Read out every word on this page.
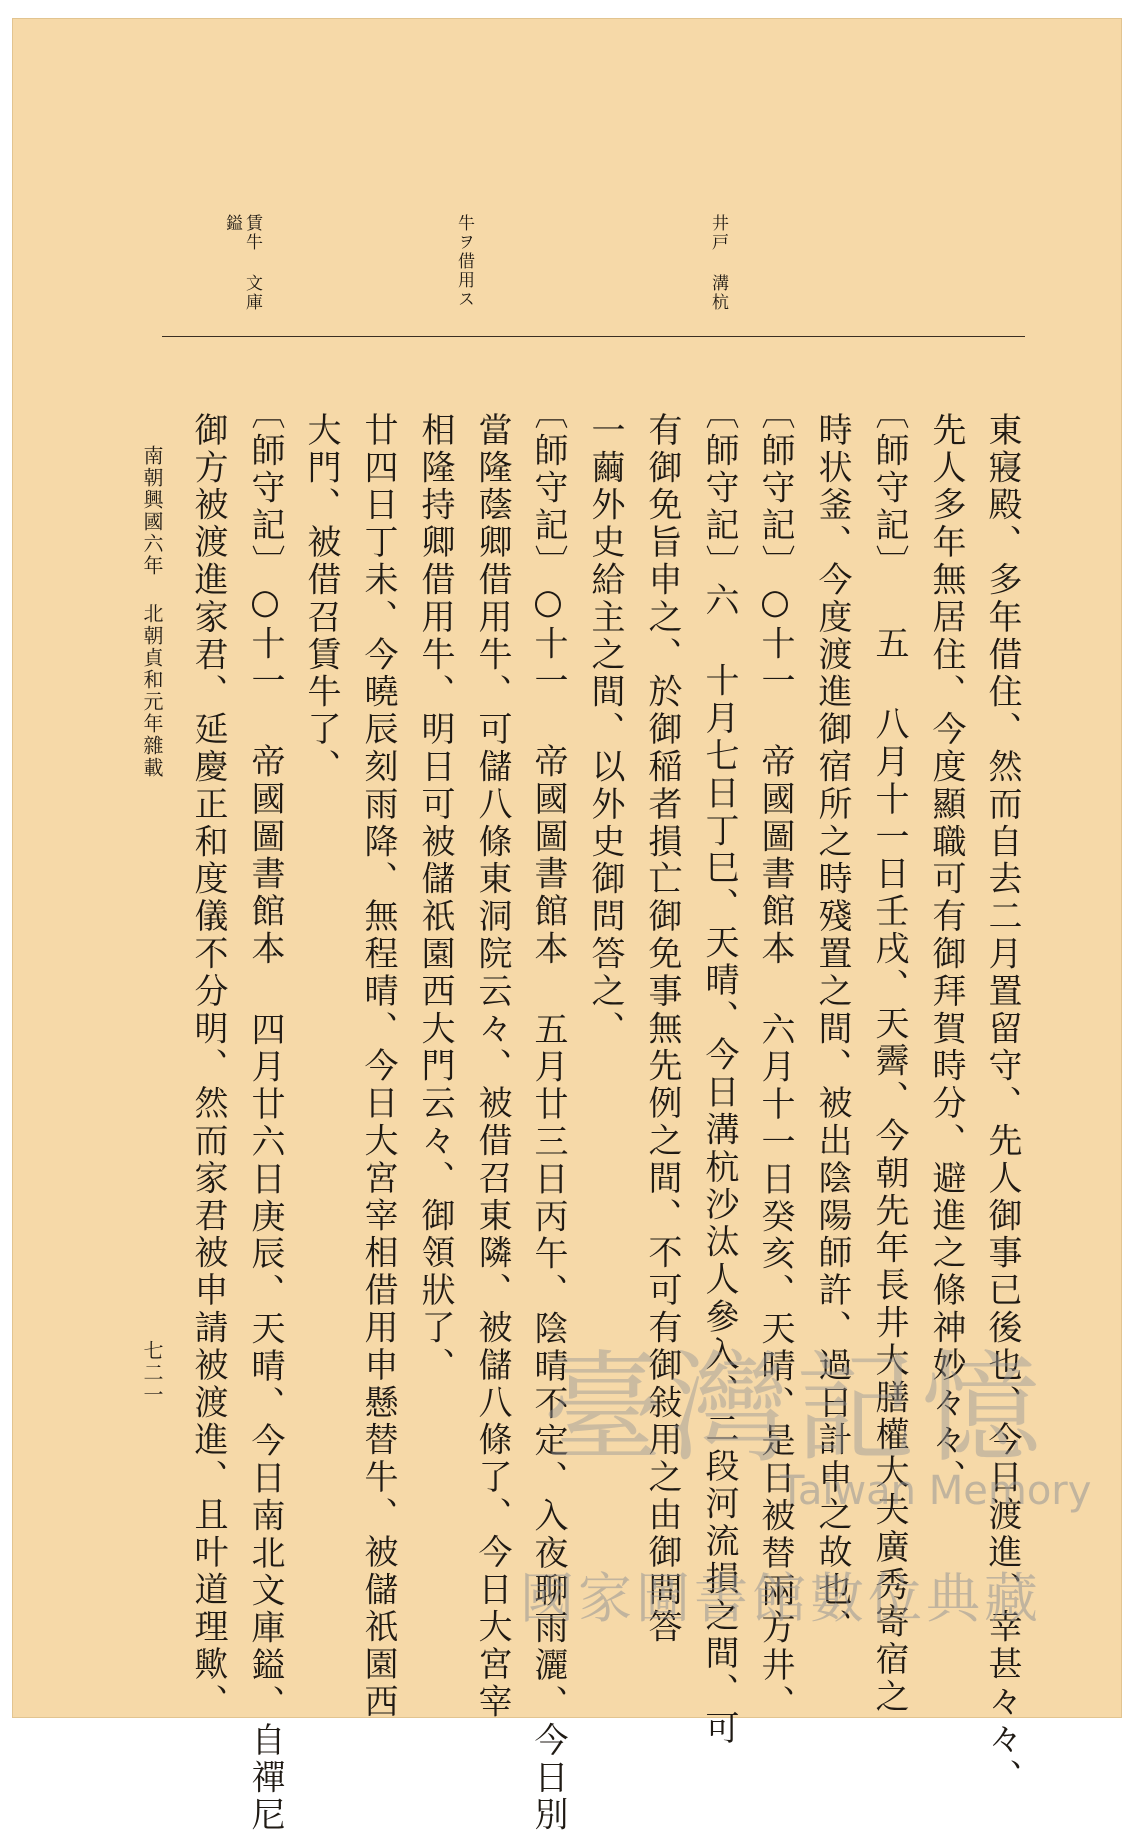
井戸 溝杭
牛ヲ借用ス
賃牛 文庫鎰
東寢殿、多年借住、然而自去二月置留守、先人御事已後也、今日渡進、幸甚々々、
先人多年無居住、今度顯職可有御拜賀時分、避進之條神妙々々、
〔師守記〕 五 八月十一日壬戌、天霽、今朝先年長井大膳權大夫廣秀寄宿之
時状釜、今度渡進御宿所之時殘置之間、被出陰陽師許、過日計申之故也、
〔師守記〕○十一 帝國圖書館本 六月十一日癸亥、天晴、是日被替兩方井、
〔師守記〕六 十月七日丁巳、天晴、今日溝杭沙汰人參入、二段河流損之間、可
有御免旨申之、於御稲者損亡御免事無先例之間、不可有御敍用之由御問答
一繭外史給主之間、以外史御問答之、
〔師守記〕○十一 帝國圖書館本 五月廿三日丙午、陰晴不定、入夜聊雨灑、今日別
當隆蔭卿借用牛、可儲八條東洞院云々、被借召東隣、被儲八條了、今日大宮宰
相隆持卿借用牛、明日可被儲祇園西大門云々、御領狀了、
廿四日丁未、今曉辰刻雨降、無程晴、今日大宮宰相借用申懸替牛、被儲祇園西
大門、被借召賃牛了、
〔師守記〕○十一 帝國圖書館本 四月廿六日庚辰、天晴、今日南北文庫鎰、自禪尼
御方被渡進家君、延慶正和度儀不分明、然而家君被申請被渡進、且叶道理歟、
南朝興國六年 北朝貞和元年雜載
七二一	臺灣記憶
Taiwan Memory
國家圖書館數位典藏
